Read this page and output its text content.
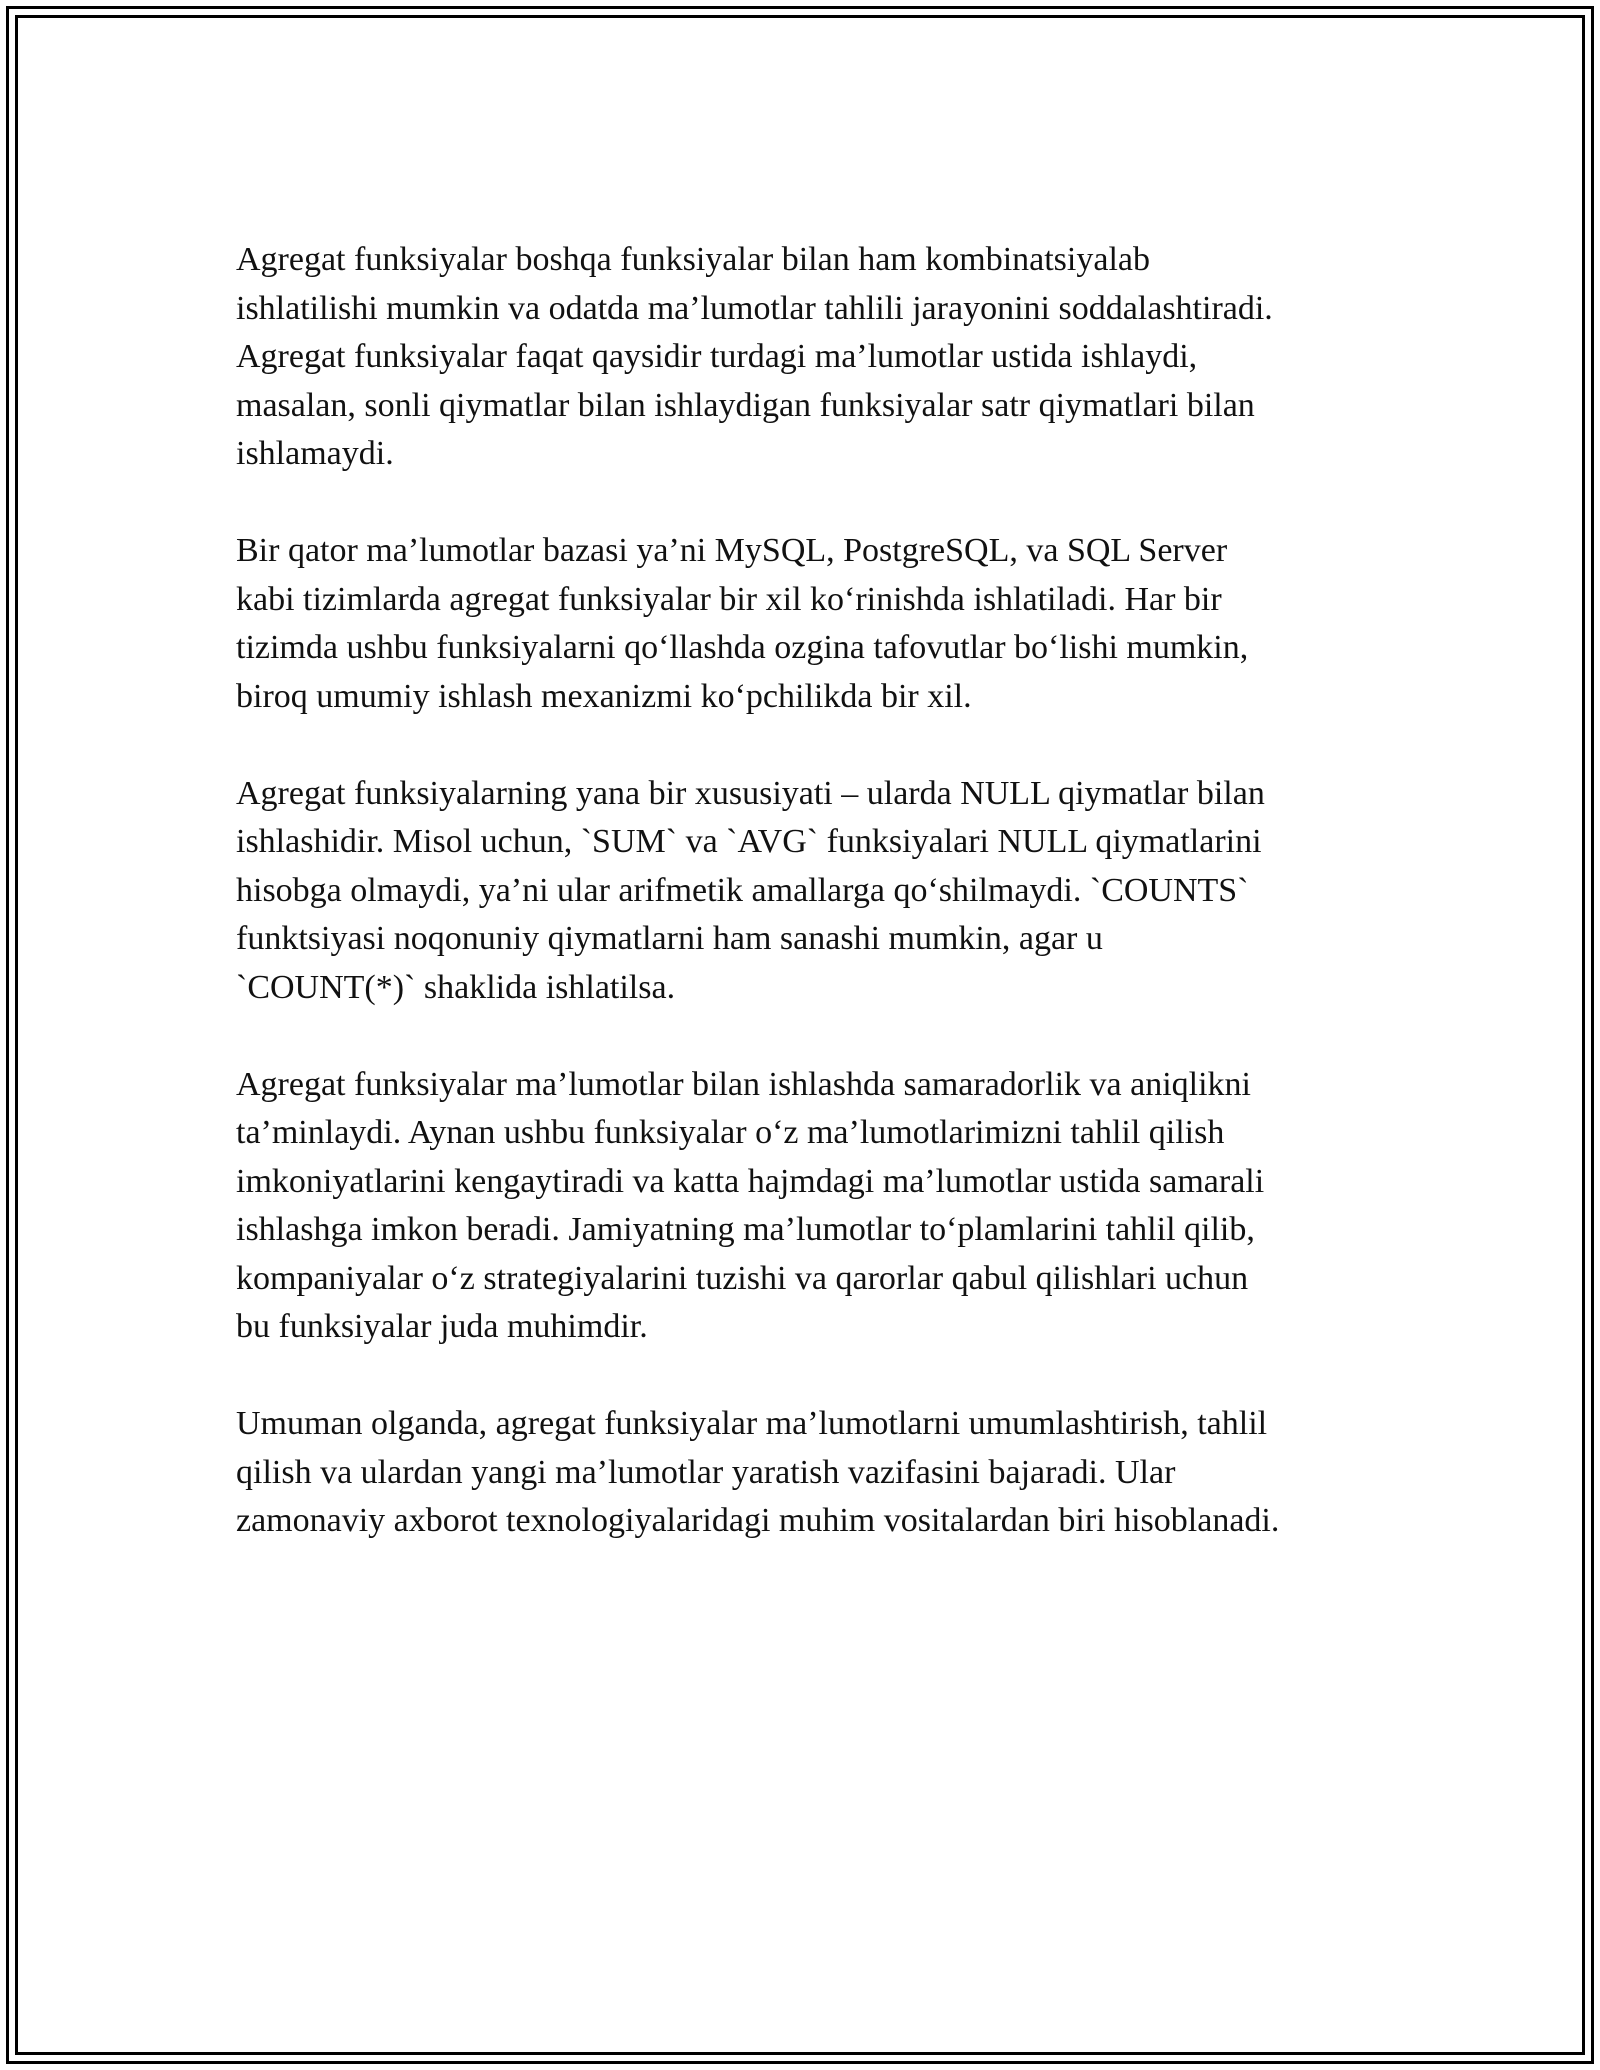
Agregat funksiyalar boshqa funksiyalar bilan ham kombinatsiyalab
ishlatilishi mumkin va odatda ma’lumotlar tahlili jarayonini soddalashtiradi.
Agregat funksiyalar faqat qaysidir turdagi ma’lumotlar ustida ishlaydi,
masalan, sonli qiymatlar bilan ishlaydigan funksiyalar satr qiymatlari bilan
ishlamaydi.

Bir qator ma’lumotlar bazasi ya’ni MySQL, PostgreSQL, va SQL Server
kabi tizimlarda agregat funksiyalar bir xil ko‘rinishda ishlatiladi. Har bir
tizimda ushbu funksiyalarni qo‘llashda ozgina tafovutlar bo‘lishi mumkin,
biroq umumiy ishlash mexanizmi ko‘pchilikda bir xil.

Agregat funksiyalarning yana bir xususiyati – ularda NULL qiymatlar bilan
ishlashidir. Misol uchun, `SUM` va `AVG` funksiyalari NULL qiymatlarini
hisobga olmaydi, ya’ni ular arifmetik amallarga qo‘shilmaydi. `COUNTS`
funktsiyasi noqonuniy qiymatlarni ham sanashi mumkin, agar u
`COUNT(*)` shaklida ishlatilsa.

Agregat funksiyalar ma’lumotlar bilan ishlashda samaradorlik va aniqlikni
ta’minlaydi. Aynan ushbu funksiyalar o‘z ma’lumotlarimizni tahlil qilish
imkoniyatlarini kengaytiradi va katta hajmdagi ma’lumotlar ustida samarali
ishlashga imkon beradi. Jamiyatning ma’lumotlar to‘plamlarini tahlil qilib,
kompaniyalar o‘z strategiyalarini tuzishi va qarorlar qabul qilishlari uchun
bu funksiyalar juda muhimdir.

Umuman olganda, agregat funksiyalar ma’lumotlarni umumlashtirish, tahlil
qilish va ulardan yangi ma’lumotlar yaratish vazifasini bajaradi. Ular
zamonaviy axborot texnologiyalaridagi muhim vositalardan biri hisoblanadi.
